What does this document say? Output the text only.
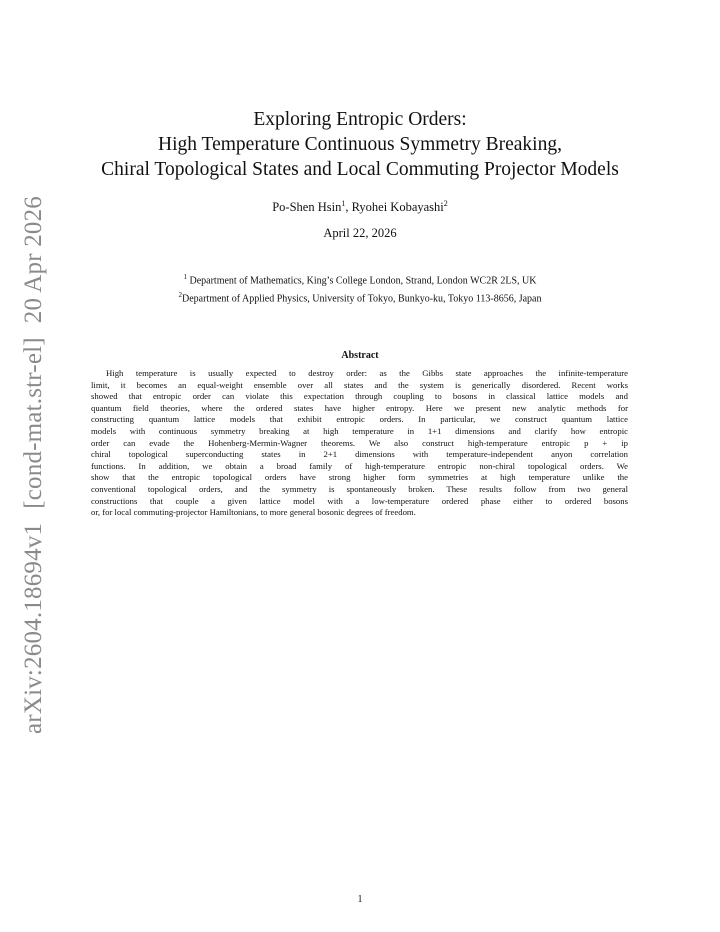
arXiv:2604.18694v1[cond-mat.str-el]20 Apr 2026
Exploring Entropic Orders:
High Temperature Continuous Symmetry Breaking,
Chiral Topological States and Local Commuting Projector Models
Po-Shen Hsin$^1$, Ryohei Kobayashi$^2$
April 22, 2026
$^1$ Department of Mathematics, King’s College London, Strand, London WC2R 2LS, UK
$^2$Department of Applied Physics, University of Tokyo, Bunkyo-ku, Tokyo 113-8656, Japan
Abstract
High temperature is usually expected to destroy order: as the Gibbs state approaches the infinite-temperature
limit, it becomes an equal-weight ensemble over all states and the system is generically disordered. Recent works
showed that entropic order can violate this expectation through coupling to bosons in classical lattice models and
quantum field theories, where the ordered states have higher entropy. Here we present new analytic methods for
constructing quantum lattice models that exhibit entropic orders. In particular, we construct quantum lattice
models with continuous symmetry breaking at high temperature in 1+1 dimensions and clarify how entropic
order can evade the Hohenberg-Mermin-Wagner theorems. We also construct high-temperature entropic p + ip
chiral topological superconducting states in 2+1 dimensions with temperature-independent anyon correlation
functions. In addition, we obtain a broad family of high-temperature entropic non-chiral topological orders. We
show that the entropic topological orders have strong higher form symmetries at high temperature unlike the
conventional topological orders, and the symmetry is spontaneously broken. These results follow from two general
constructions that couple a given lattice model with a low-temperature ordered phase either to ordered bosons
or, for local commuting-projector Hamiltonians, to more general bosonic degrees of freedom.
1
